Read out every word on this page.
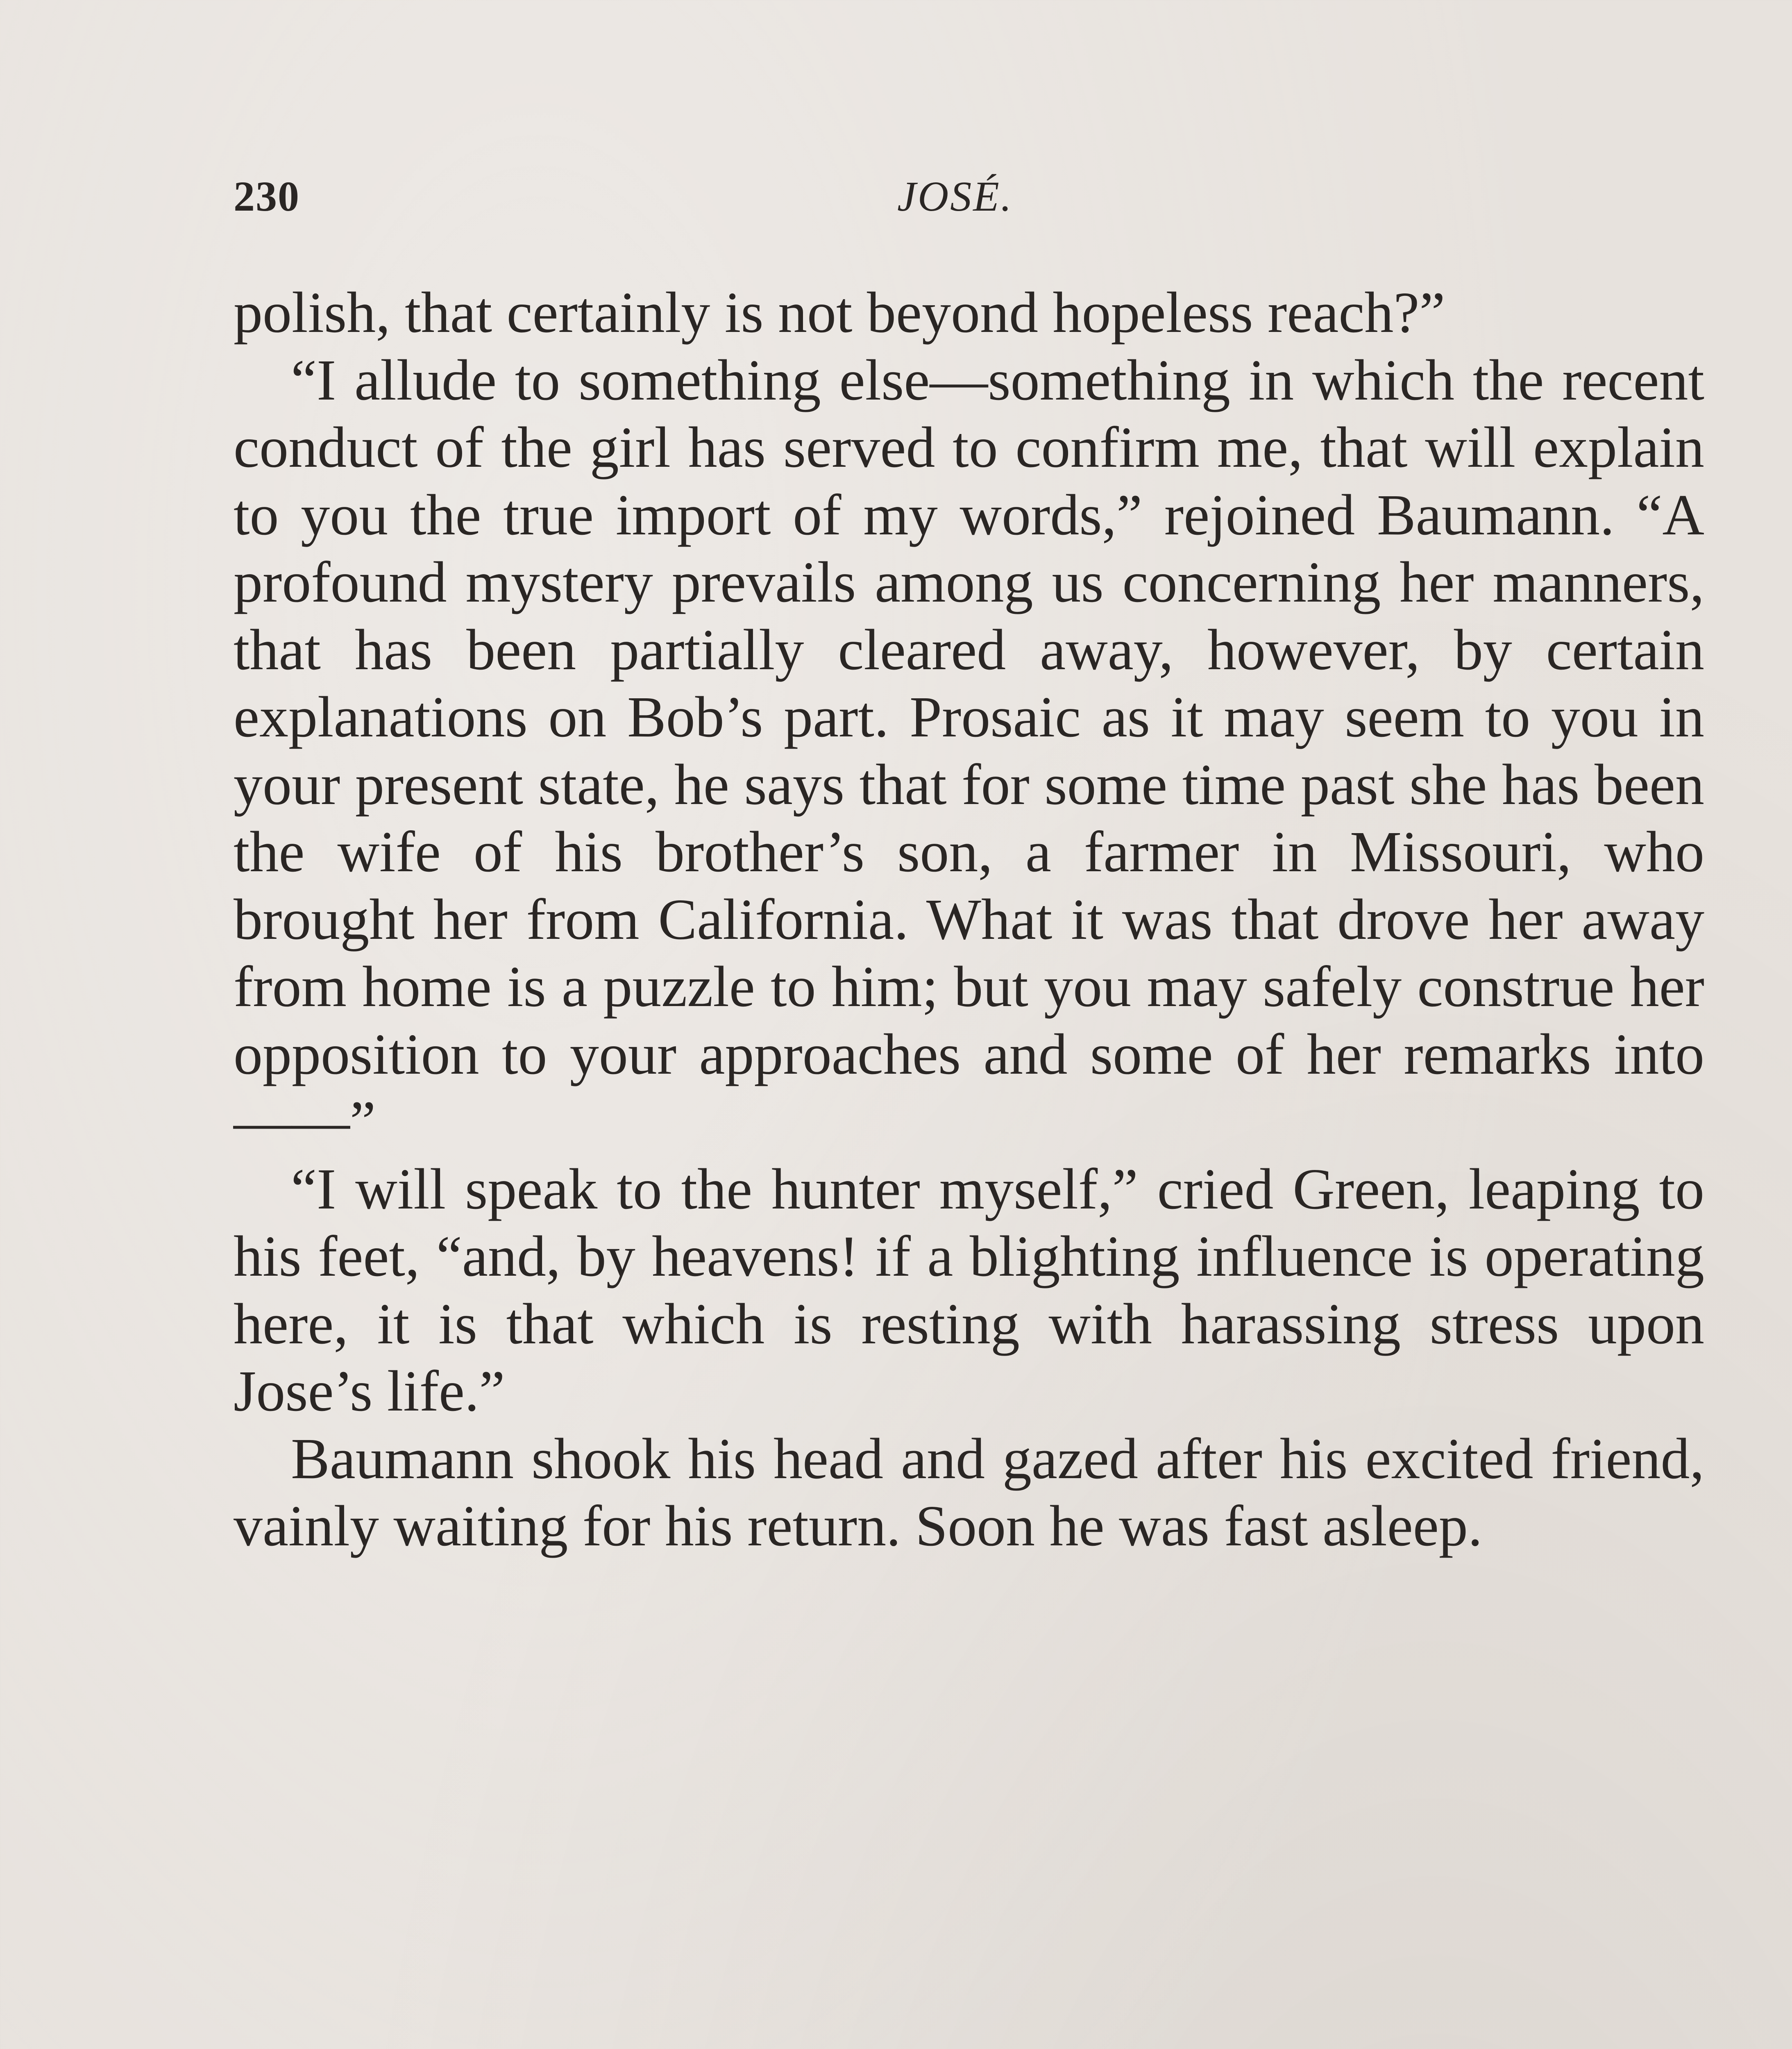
230	JOSÉ.

polish, that certainly is not beyond hopeless reach?”

“I allude to something else—something in which the recent conduct of the girl has served to confirm me, that will explain to you the true import of my words,” rejoined Baumann. “A profound mystery prevails among us concerning her manners, that has been partially cleared away, however, by certain explanations on Bob’s part. Prosaic as it may seem to you in your present state, he says that for some time past she has been the wife of his brother’s son, a farmer in Missouri, who brought her from California. What it was that drove her away from home is a puzzle to him; but you may safely construe her opposition to your approaches and some of her remarks into——”

“I will speak to the hunter myself,” cried Green, leaping to his feet, “and, by heavens! if a blighting influence is operating here, it is that which is resting with harassing stress upon Jose’s life.”

Baumann shook his head and gazed after his excited friend, vainly waiting for his return. Soon he was fast asleep.
